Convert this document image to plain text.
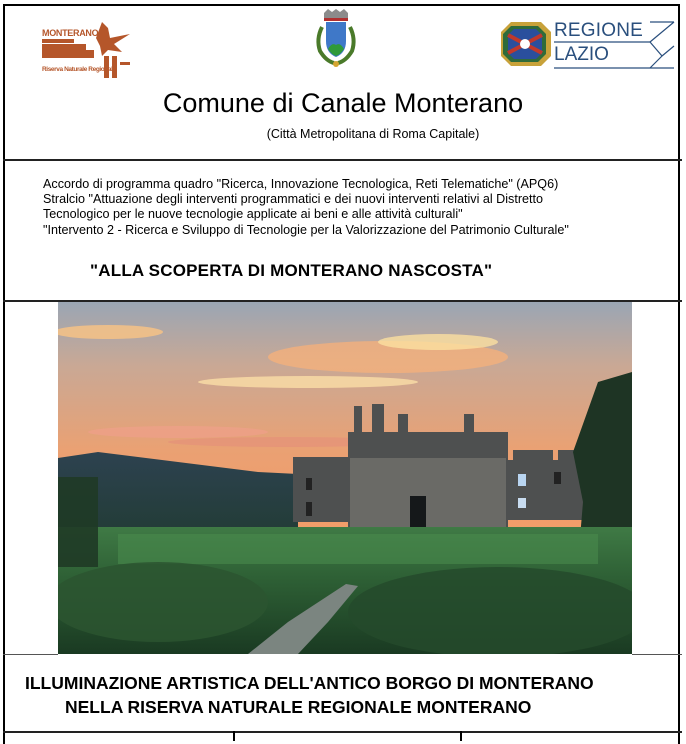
MONTERANO
Riserva Naturale Regionale
REGIONE
LAZIO
Comune di Canale Monterano
(Città Metropolitana di Roma Capitale)
Accordo di programma quadro "Ricerca, Innovazione Tecnologica, Reti Telematiche" (APQ6)
Stralcio "Attuazione degli interventi programmatici e dei nuovi interventi relativi al Distretto
Tecnologico per le nuove tecnologie applicate ai beni e alle attività culturali"
"Intervento 2 - Ricerca e Sviluppo di Tecnologie per la Valorizzazione del Patrimonio Culturale"
"ALLA SCOPERTA DI MONTERANO NASCOSTA"
ILLUMINAZIONE ARTISTICA DELL'ANTICO BORGO DI MONTERANO
NELLA RISERVA NATURALE REGIONALE MONTERANO
